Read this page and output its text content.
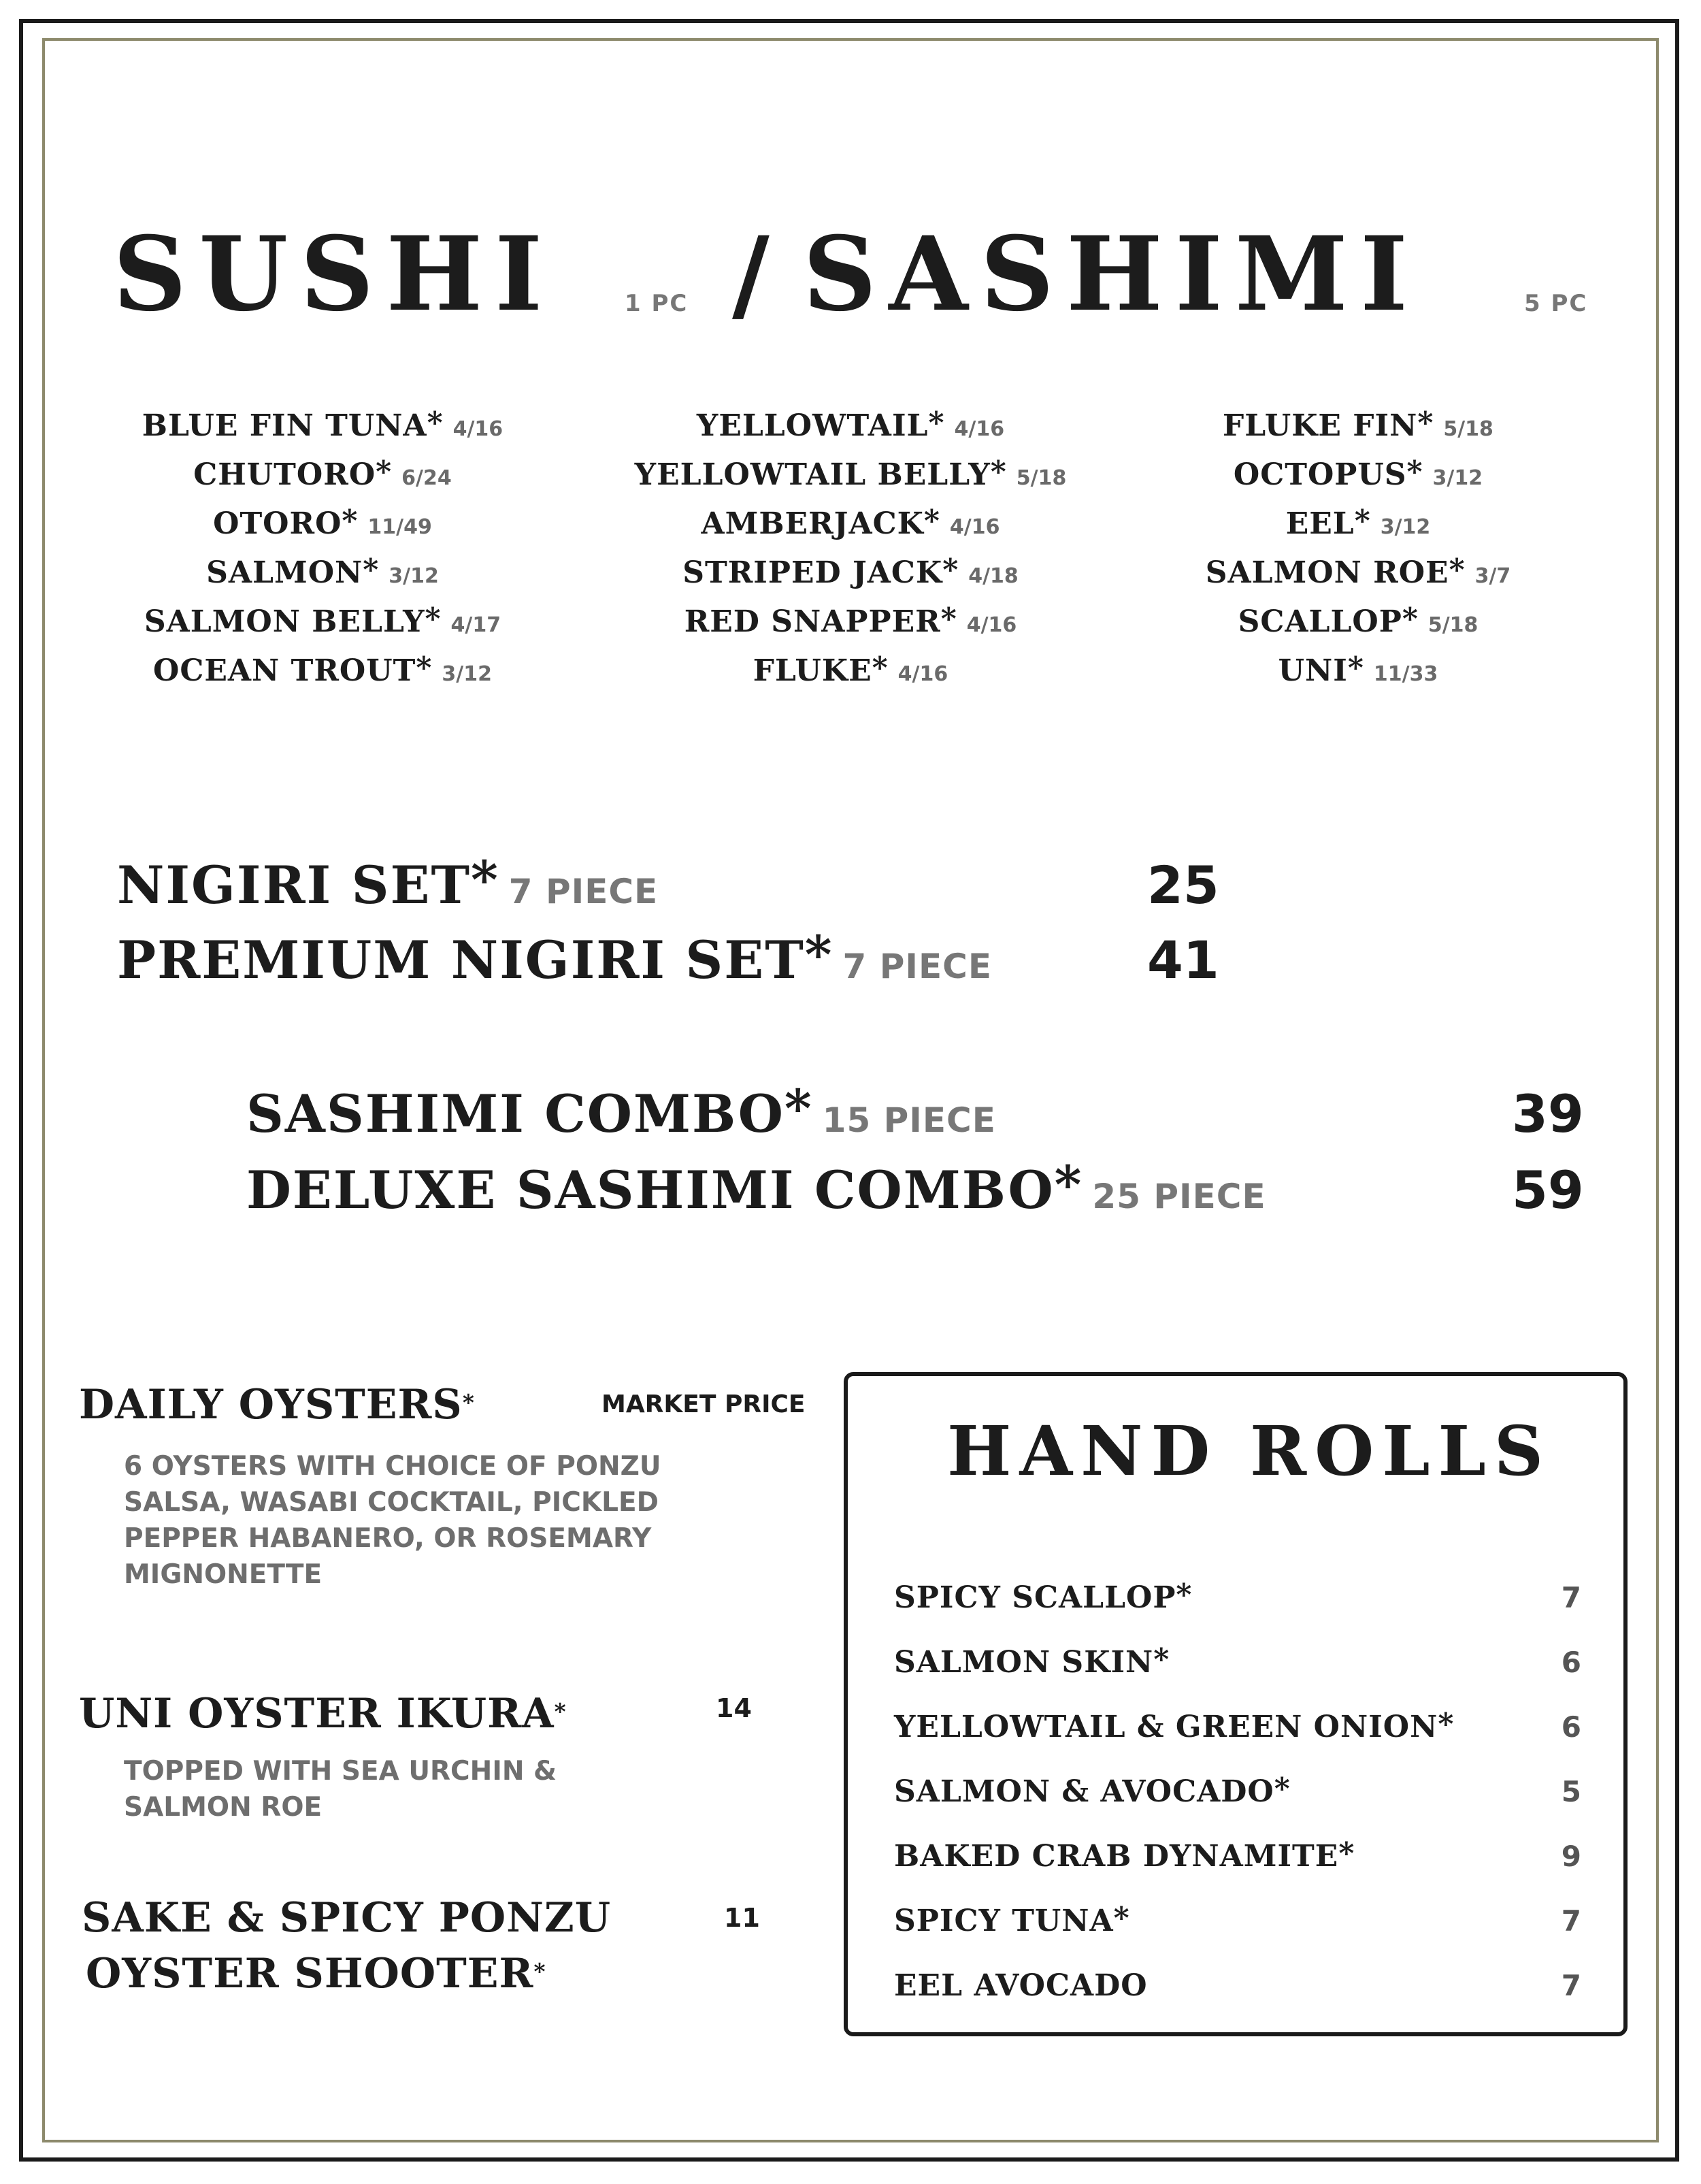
SUSHI	1 PC / SASHIMI	5 PC
BLUE FIN TUNA* 4/16
CHUTORO* 6/24
OTORO* 11/49
SALMON* 3/12
SALMON BELLY* 4/17
OCEAN TROUT* 3/12
YELLOWTAIL* 4/16
YELLOWTAIL BELLY* 5/18
AMBERJACK* 4/16
STRIPED JACK* 4/18
RED SNAPPER* 4/16
FLUKE* 4/16
FLUKE FIN* 5/18
OCTOPUS* 3/12
EEL* 3/12
SALMON ROE* 3/7
SCALLOP* 5/18
UNI* 11/33
NIGIRI SET* 7 PIECE	25
PREMIUM NIGIRI SET* 7 PIECE	41
SASHIMI COMBO* 15 PIECE	39
DELUXE SASHIMI COMBO* 25 PIECE	59
DAILY OYSTERS*	MARKET PRICE
6 OYSTERS WITH CHOICE OF PONZU SALSA, WASABI COCKTAIL, PICKLED PEPPER HABANERO, OR ROSEMARY MIGNONETTE
UNI OYSTER IKURA*	14
TOPPED WITH SEA URCHIN & SALMON ROE
SAKE & SPICY PONZU
OYSTER SHOOTER*
11
HAND ROLLS
SPICY SCALLOP*	7
SALMON SKIN*	6
YELLOWTAIL & GREEN ONION*	6
SALMON & AVOCADO*	5
BAKED CRAB DYNAMITE*	9
SPICY TUNA*	7
EEL AVOCADO	7
